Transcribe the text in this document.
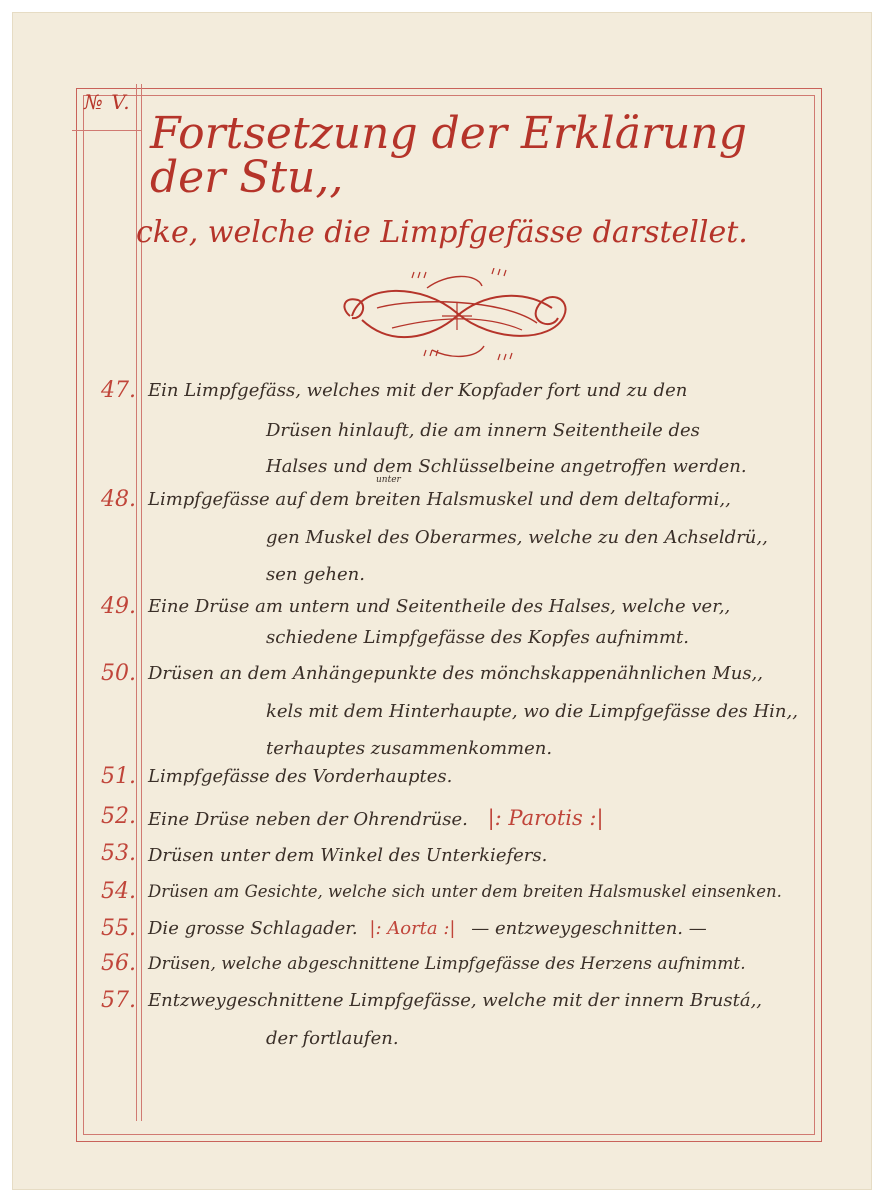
№ V.
Fortsetzung der Erklärung der Stu,,
cke, welche die Limpfgefässe darstellet.
47. Ein Limpfgefäss, welches mit der Kopfader fort und zu den
Drüsen hinlauft, die am innern Seitentheile des
Halses und dem Schlüsselbeine angetroffen werden.
unter
48. Limpfgefässe auf dem breiten Halsmuskel und dem deltaformi,,
gen Muskel des Oberarmes, welche zu den Achseldrü,,
sen gehen.
49. Eine Drüse am untern und Seitentheile des Halses, welche ver,,
schiedene Limpfgefässe des Kopfes aufnimmt.
50. Drüsen an dem Anhängepunkte des mönchskappenähnlichen Mus,,
kels mit dem Hinterhaupte, wo die Limpfgefässe des Hin,,
terhauptes zusammenkommen.
51. Limpfgefässe des Vorderhauptes.
52. Eine Drüse neben der Ohrendrüse. |: Parotis :|
53. Drüsen unter dem Winkel des Unterkiefers.
54. Drüsen am Gesichte, welche sich unter dem breiten Halsmuskel einsenken.
55. Die grosse Schlagader. |: Aorta :| — entzweygeschnitten. —
56. Drüsen, welche abgeschnittene Limpfgefässe des Herzens aufnimmt.
57. Entzweygeschnittene Limpfgefässe, welche mit der innern Brustá,,
der fortlaufen.
